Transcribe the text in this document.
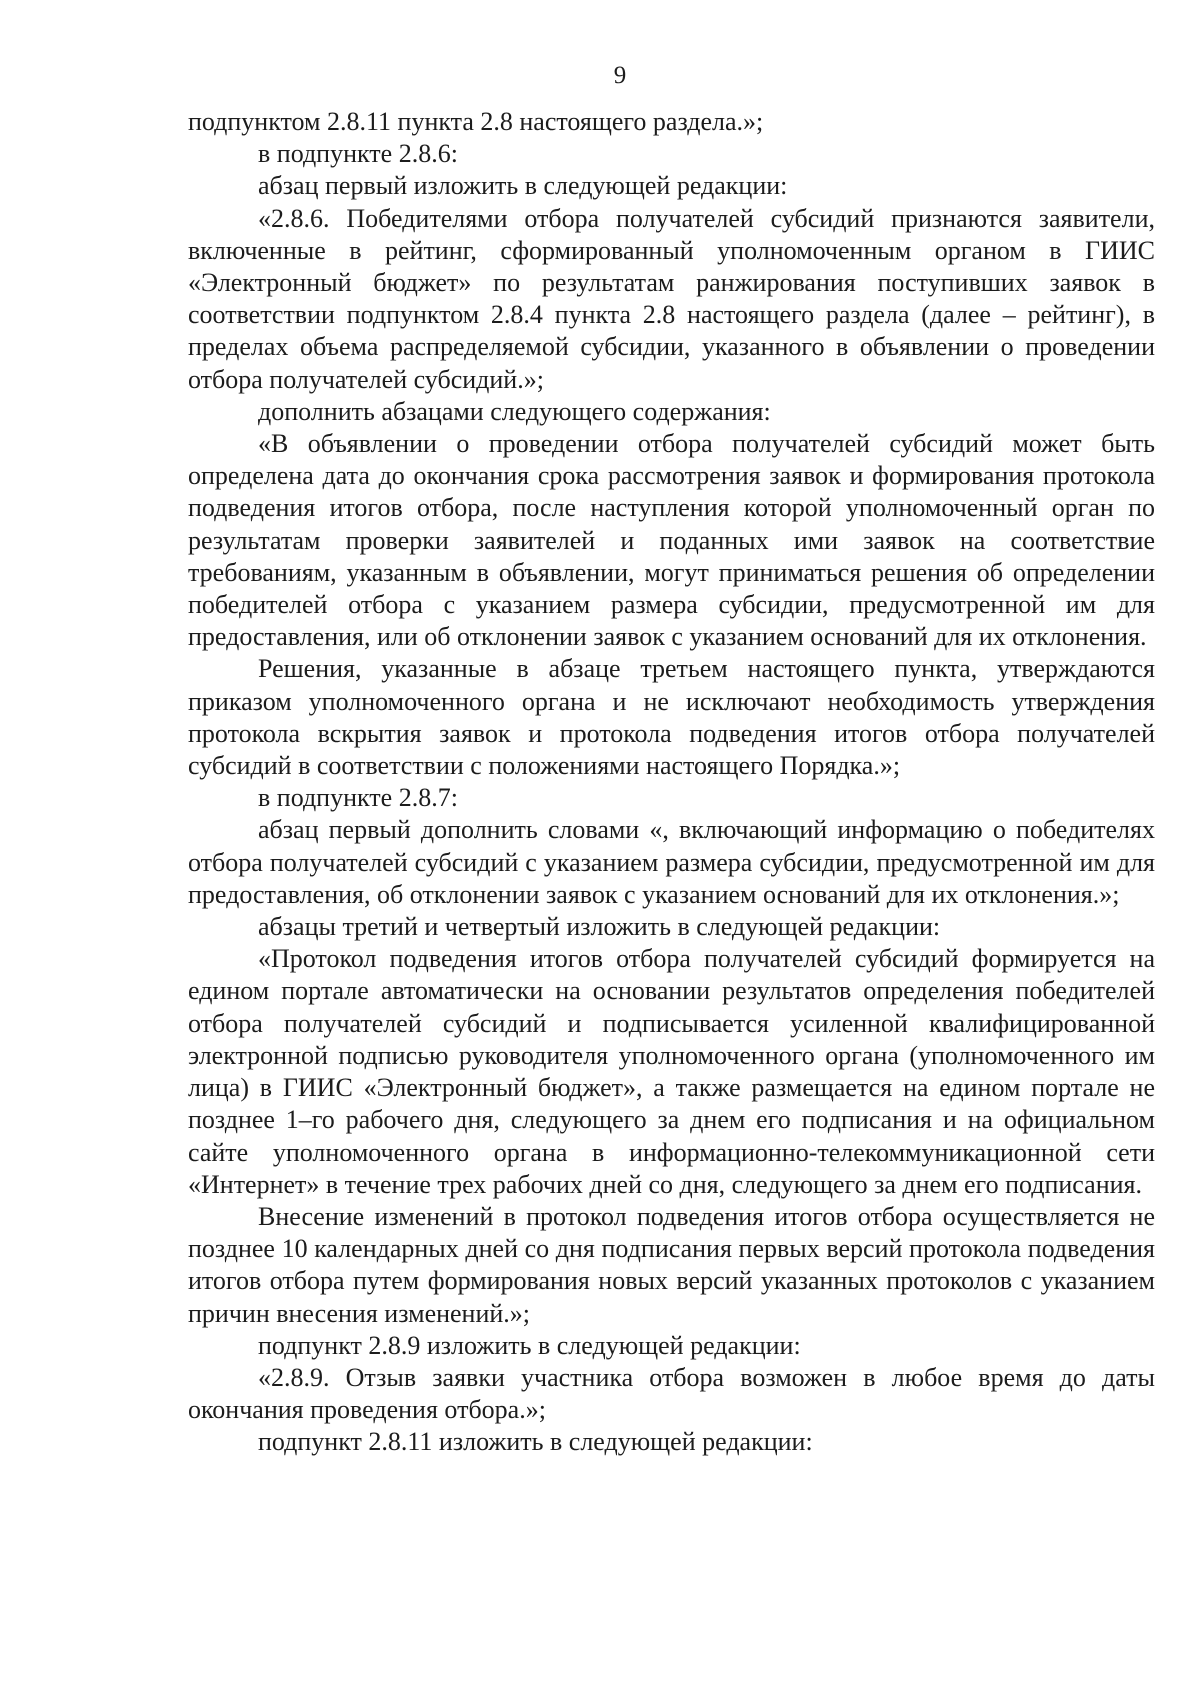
9

подпунктом 2.8.11 пункта 2.8 настоящего раздела.»;

в подпункте 2.8.6:

абзац первый изложить в следующей редакции:

«2.8.6. Победителями отбора получателей субсидий признаются заявители, включенные в рейтинг, сформированный уполномоченным органом в ГИИС «Электронный бюджет» по результатам ранжирования поступивших заявок в соответствии подпунктом 2.8.4 пункта 2.8 настоящего раздела (далее – рейтинг), в пределах объема распределяемой субсидии, указанного в объявлении о проведении отбора получателей субсидий.»;

дополнить абзацами следующего содержания:

«В объявлении о проведении отбора получателей субсидий может быть определена дата до окончания срока рассмотрения заявок и формирования протокола подведения итогов отбора, после наступления которой уполномоченный орган по результатам проверки заявителей и поданных ими заявок на соответствие требованиям, указанным в объявлении, могут приниматься решения об определении победителей отбора с указанием размера субсидии, предусмотренной им для предоставления, или об отклонении заявок с указанием оснований для их отклонения.

Решения, указанные в абзаце третьем настоящего пункта, утверждаются приказом уполномоченного органа и не исключают необходимость утверждения протокола вскрытия заявок и протокола подведения итогов отбора получателей субсидий в соответствии с положениями настоящего Порядка.»;

в подпункте 2.8.7:

абзац первый дополнить словами «, включающий информацию о победителях отбора получателей субсидий с указанием размера субсидии, предусмотренной им для предоставления, об отклонении заявок с указанием оснований для их отклонения.»;

абзацы третий и четвертый изложить в следующей редакции:

«Протокол подведения итогов отбора получателей субсидий формируется на едином портале автоматически на основании результатов определения победителей отбора получателей субсидий и подписывается усиленной квалифицированной электронной подписью руководителя уполномоченного органа (уполномоченного им лица) в ГИИС «Электронный бюджет», а также размещается на едином портале не позднее 1–го рабочего дня, следующего за днем его подписания и на официальном сайте уполномоченного органа в информационно-телекоммуникационной сети «Интернет» в течение трех рабочих дней со дня, следующего за днем его подписания.

Внесение изменений в протокол подведения итогов отбора осуществляется не позднее 10 календарных дней со дня подписания первых версий протокола подведения итогов отбора путем формирования новых версий указанных протоколов с указанием причин внесения изменений.»;

подпункт 2.8.9 изложить в следующей редакции:

«2.8.9. Отзыв заявки участника отбора возможен в любое время до даты окончания проведения отбора.»;

подпункт 2.8.11 изложить в следующей редакции:
